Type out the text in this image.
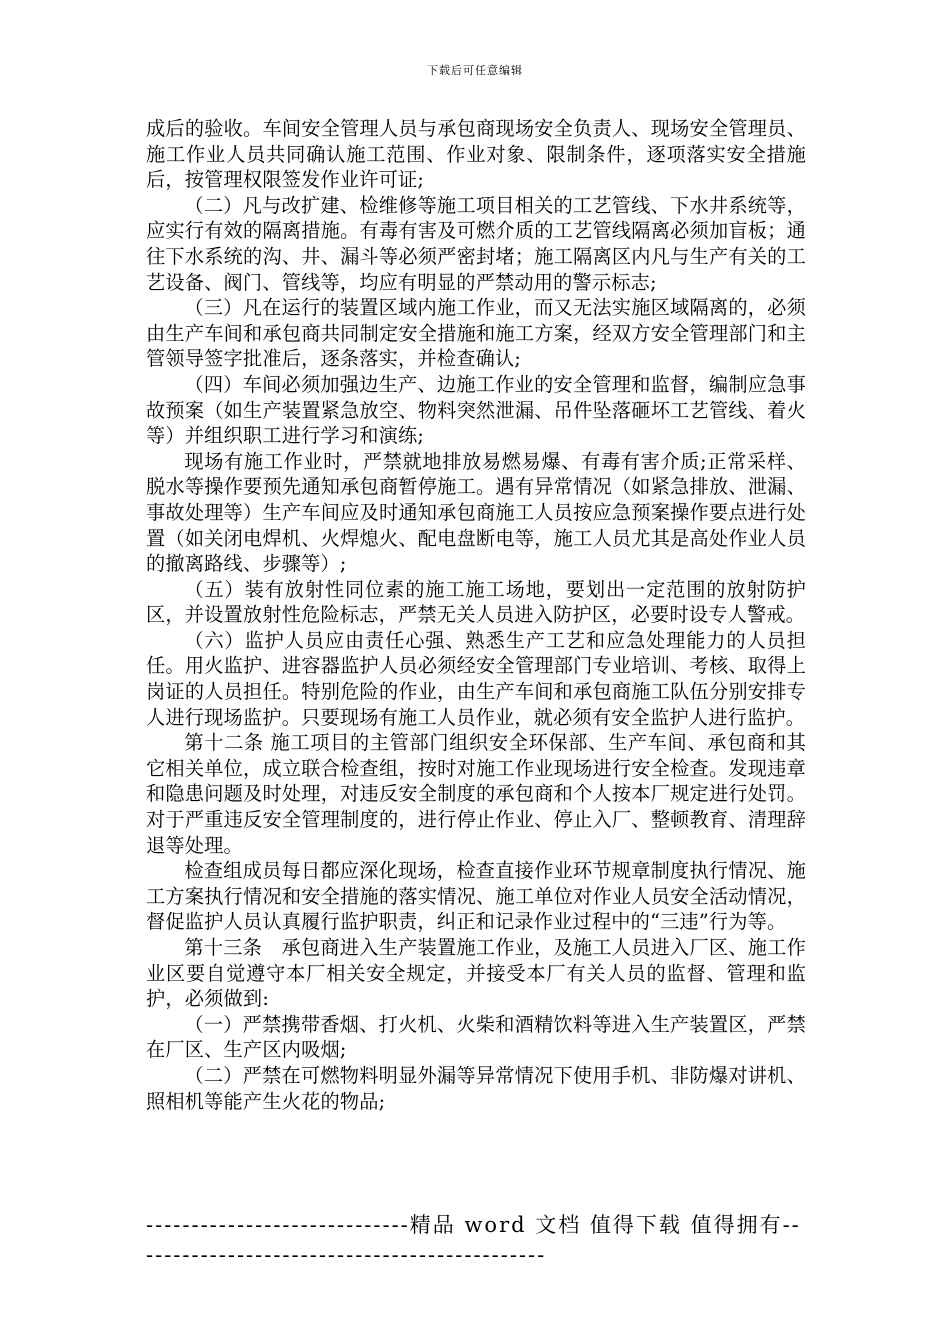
下载后可任意编辑

成后的验收。车间安全管理人员与承包商现场安全负责人、现场安全管理员、施工作业人员共同确认施工范围、作业对象、限制条件，逐项落实安全措施后，按管理权限签发作业许可证;

（二）凡与改扩建、检维修等施工项目相关的工艺管线、下水井系统等，应实行有效的隔离措施。有毒有害及可燃介质的工艺管线隔离必须加盲板；通往下水系统的沟、井、漏斗等必须严密封堵；施工隔离区内凡与生产有关的工艺设备、阀门、管线等，均应有明显的严禁动用的警示标志;

（三）凡在运行的装置区域内施工作业，而又无法实施区域隔离的，必须由生产车间和承包商共同制定安全措施和施工方案，经双方安全管理部门和主管领导签字批准后，逐条落实，并检查确认;

（四）车间必须加强边生产、边施工作业的安全管理和监督，编制应急事故预案（如生产装置紧急放空、物料突然泄漏、吊件坠落砸坏工艺管线、着火等）并组织职工进行学习和演练;

现场有施工作业时，严禁就地排放易燃易爆、有毒有害介质;正常采样、脱水等操作要预先通知承包商暂停施工。遇有异常情况（如紧急排放、泄漏、事故处理等）生产车间应及时通知承包商施工人员按应急预案操作要点进行处置（如关闭电焊机、火焊熄火、配电盘断电等，施工人员尤其是高处作业人员的撤离路线、步骤等）;

（五）装有放射性同位素的施工施工场地，要划出一定范围的放射防护区，并设置放射性危险标志，严禁无关人员进入防护区，必要时设专人警戒。

（六）监护人员应由责任心强、熟悉生产工艺和应急处理能力的人员担任。用火监护、进容器监护人员必须经安全管理部门专业培训、考核、取得上岗证的人员担任。特别危险的作业，由生产车间和承包商施工队伍分别安排专人进行现场监护。只要现场有施工人员作业，就必须有安全监护人进行监护。

第十二条 施工项目的主管部门组织安全环保部、生产车间、承包商和其它相关单位，成立联合检查组，按时对施工作业现场进行安全检查。发现违章和隐患问题及时处理，对违反安全制度的承包商和个人按本厂规定进行处罚。对于严重违反安全管理制度的，进行停止作业、停止入厂、整顿教育、清理辞退等处理。

检查组成员每日都应深化现场，检查直接作业环节规章制度执行情况、施工方案执行情况和安全措施的落实情况、施工单位对作业人员安全活动情况，督促监护人员认真履行监护职责，纠正和记录作业过程中的“三违”行为等。

第十三条　承包商进入生产装置施工作业，及施工人员进入厂区、施工作业区要自觉遵守本厂相关安全规定，并接受本厂有关人员的监督、管理和监护，必须做到:

（一）严禁携带香烟、打火机、火柴和酒精饮料等进入生产装置区，严禁在厂区、生产区内吸烟;

（二）严禁在可燃物料明显外漏等异常情况下使用手机、非防爆对讲机、照相机等能产生火花的物品;

-----------------------------精品 word 文档 值得下载 值得拥有----------------------------------------------
